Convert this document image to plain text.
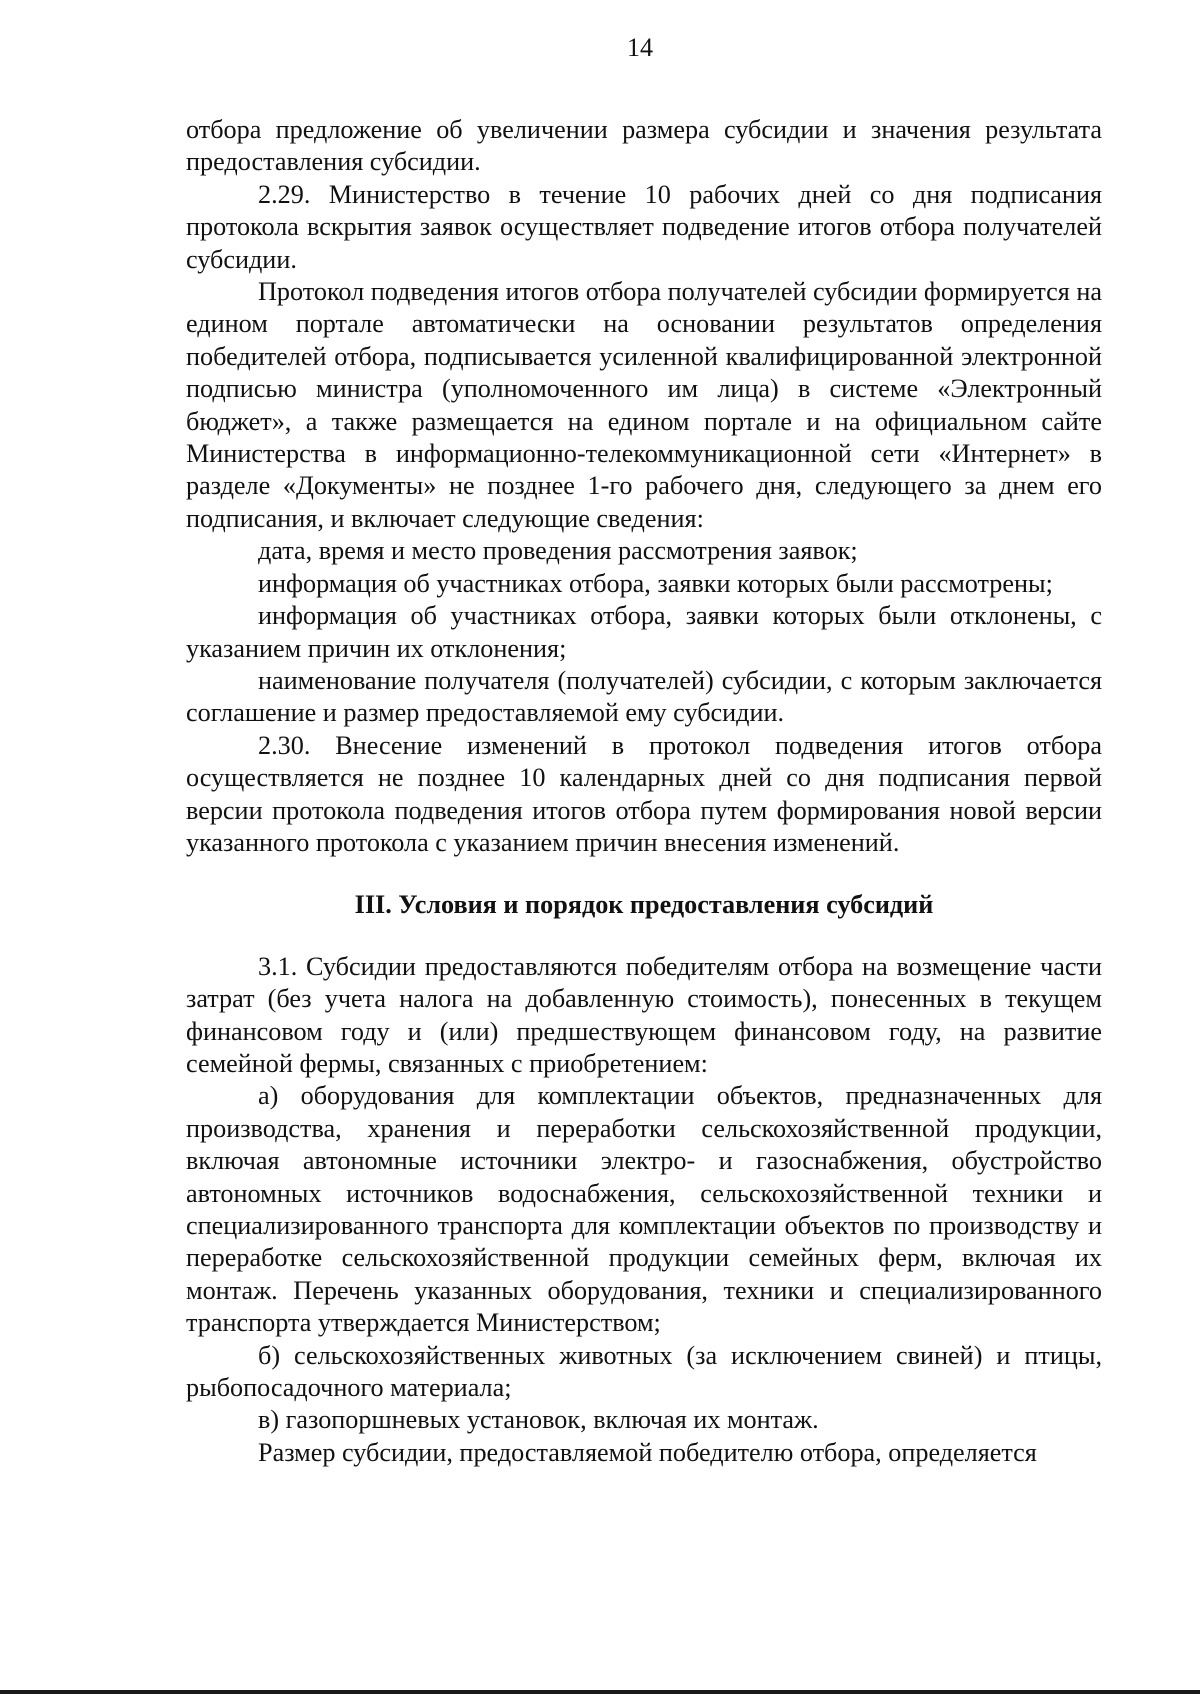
14

отбора предложение об увеличении размера субсидии и значения результата предоставления субсидии.

2.29. Министерство в течение 10 рабочих дней со дня подписания протокола вскрытия заявок осуществляет подведение итогов отбора получателей субсидии.

Протокол подведения итогов отбора получателей субсидии формируется на едином портале автоматически на основании результатов определения победителей отбора, подписывается усиленной квалифицированной электронной подписью министра (уполномоченного им лица) в системе «Электронный бюджет», а также размещается на едином портале и на официальном сайте Министерства в информационно-телекоммуникационной сети «Интернет» в разделе «Документы» не позднее 1-го рабочего дня, следующего за днем его подписания, и включает следующие сведения:

дата, время и место проведения рассмотрения заявок;

информация об участниках отбора, заявки которых были рассмотрены;

информация об участниках отбора, заявки которых были отклонены, с указанием причин их отклонения;

наименование получателя (получателей) субсидии, с которым заключается соглашение и размер предоставляемой ему субсидии.

2.30. Внесение изменений в протокол подведения итогов отбора осуществляется не позднее 10 календарных дней со дня подписания первой версии протокола подведения итогов отбора путем формирования новой версии указанного протокола с указанием причин внесения изменений.

III. Условия и порядок предоставления субсидий

3.1. Субсидии предоставляются победителям отбора на возмещение части затрат (без учета налога на добавленную стоимость), понесенных в текущем финансовом году и (или) предшествующем финансовом году, на развитие семейной фермы, связанных с приобретением:

а) оборудования для комплектации объектов, предназначенных для производства, хранения и переработки сельскохозяйственной продукции, включая автономные источники электро- и газоснабжения, обустройство автономных источников водоснабжения, сельскохозяйственной техники и специализированного транспорта для комплектации объектов по производству и переработке сельскохозяйственной продукции семейных ферм, включая их монтаж. Перечень указанных оборудования, техники и специализированного транспорта утверждается Министерством;

б) сельскохозяйственных животных (за исключением свиней) и птицы, рыбопосадочного материала;

в) газопоршневых установок, включая их монтаж.

Размер субсидии, предоставляемой победителю отбора, определяется
